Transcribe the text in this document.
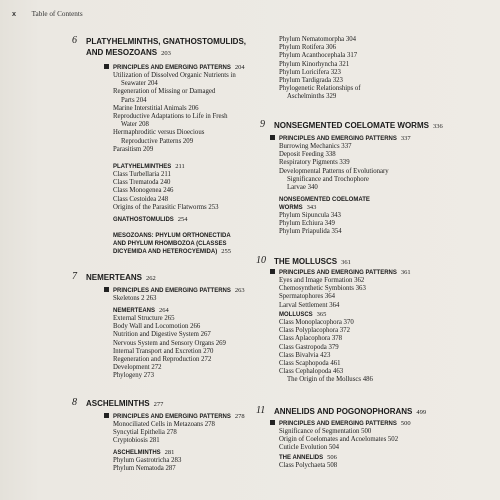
x Table of Contents
6 PLATYHELMINTHS, GNATHOSTOMULIDS,
AND MESOZOANS 203
PRINCIPLES AND EMERGING PATTERNS 204
Utilization of Dissolved Organic Nutrients in
Seawater 204
Regeneration of Missing or Damaged
Parts 204
Marine Interstitial Animals 206
Reproductive Adaptations to Life in Fresh
Water 208
Hermaphroditic versus Dioecious
Reproductive Patterns 209
Parasitism 209
PLATYHELMINTHES 211
Class Turbellaria 211
Class Trematoda 240
Class Monogenea 246
Class Cestoidea 248
Origins of the Parasitic Flatworms 253
GNATHOSTOMULIDS 254
MESOZOANS: PHYLUM ORTHONECTIDA
AND PHYLUM RHOMBOZOA (CLASSES
DICYEMIDA AND HETEROCYEMIDA) 255
7 NEMERTEANS 262
PRINCIPLES AND EMERGING PATTERNS 263
Skeletons 2 263
NEMERTEANS 264
External Structure 265
Body Wall and Locomotion 266
Nutrition and Digestive System 267
Nervous System and Sensory Organs 269
Internal Transport and Excretion 270
Regeneration and Reproduction 272
Development 272
Phylogeny 273
8 ASCHELMINTHS 277
PRINCIPLES AND EMERGING PATTERNS 278
Monociliated Cells in Metazoans 278
Syncytial Epithelia 278
Cryptobiosis 281
ASCHELMINTHS 281
Phylum Gastrotricha 283
Phylum Nematoda 287
Phylum Nematomorpha 304
Phylum Rotifera 306
Phylum Acanthocephala 317
Phylum Kinorhyncha 321
Phylum Loricifera 323
Phylum Tardigrada 323
Phylogenetic Relationships of
Aschelminths 329
9 NONSEGMENTED COELOMATE WORMS 336
PRINCIPLES AND EMERGING PATTERNS 337
Burrowing Mechanics 337
Deposit Feeding 338
Respiratory Pigments 339
Developmental Patterns of Evolutionary
Significance and Trochophore
Larvae 340
NONSEGMENTED COELOMATE
WORMS 343
Phylum Sipuncula 343
Phylum Echiura 349
Phylum Priapulida 354
10 THE MOLLUSCS 361
PRINCIPLES AND EMERGING PATTERNS 361
Eyes and Image Formation 362
Chemosynthetic Symbionts 363
Spermatophores 364
Larval Settlement 364
MOLLUSCS 365
Class Monoplacophora 370
Class Polyplacophora 372
Class Aplacophora 378
Class Gastropoda 379
Class Bivalvia 423
Class Scaphopoda 461
Class Cephalopoda 463
The Origin of the Molluscs 486
11 ANNELIDS AND POGONOPHORANS 499
PRINCIPLES AND EMERGING PATTERNS 500
Significance of Segmentation 500
Origin of Coelomates and Acoelomates 502
Cuticle Evolution 504
THE ANNELIDS 506
Class Polychaeta 508
